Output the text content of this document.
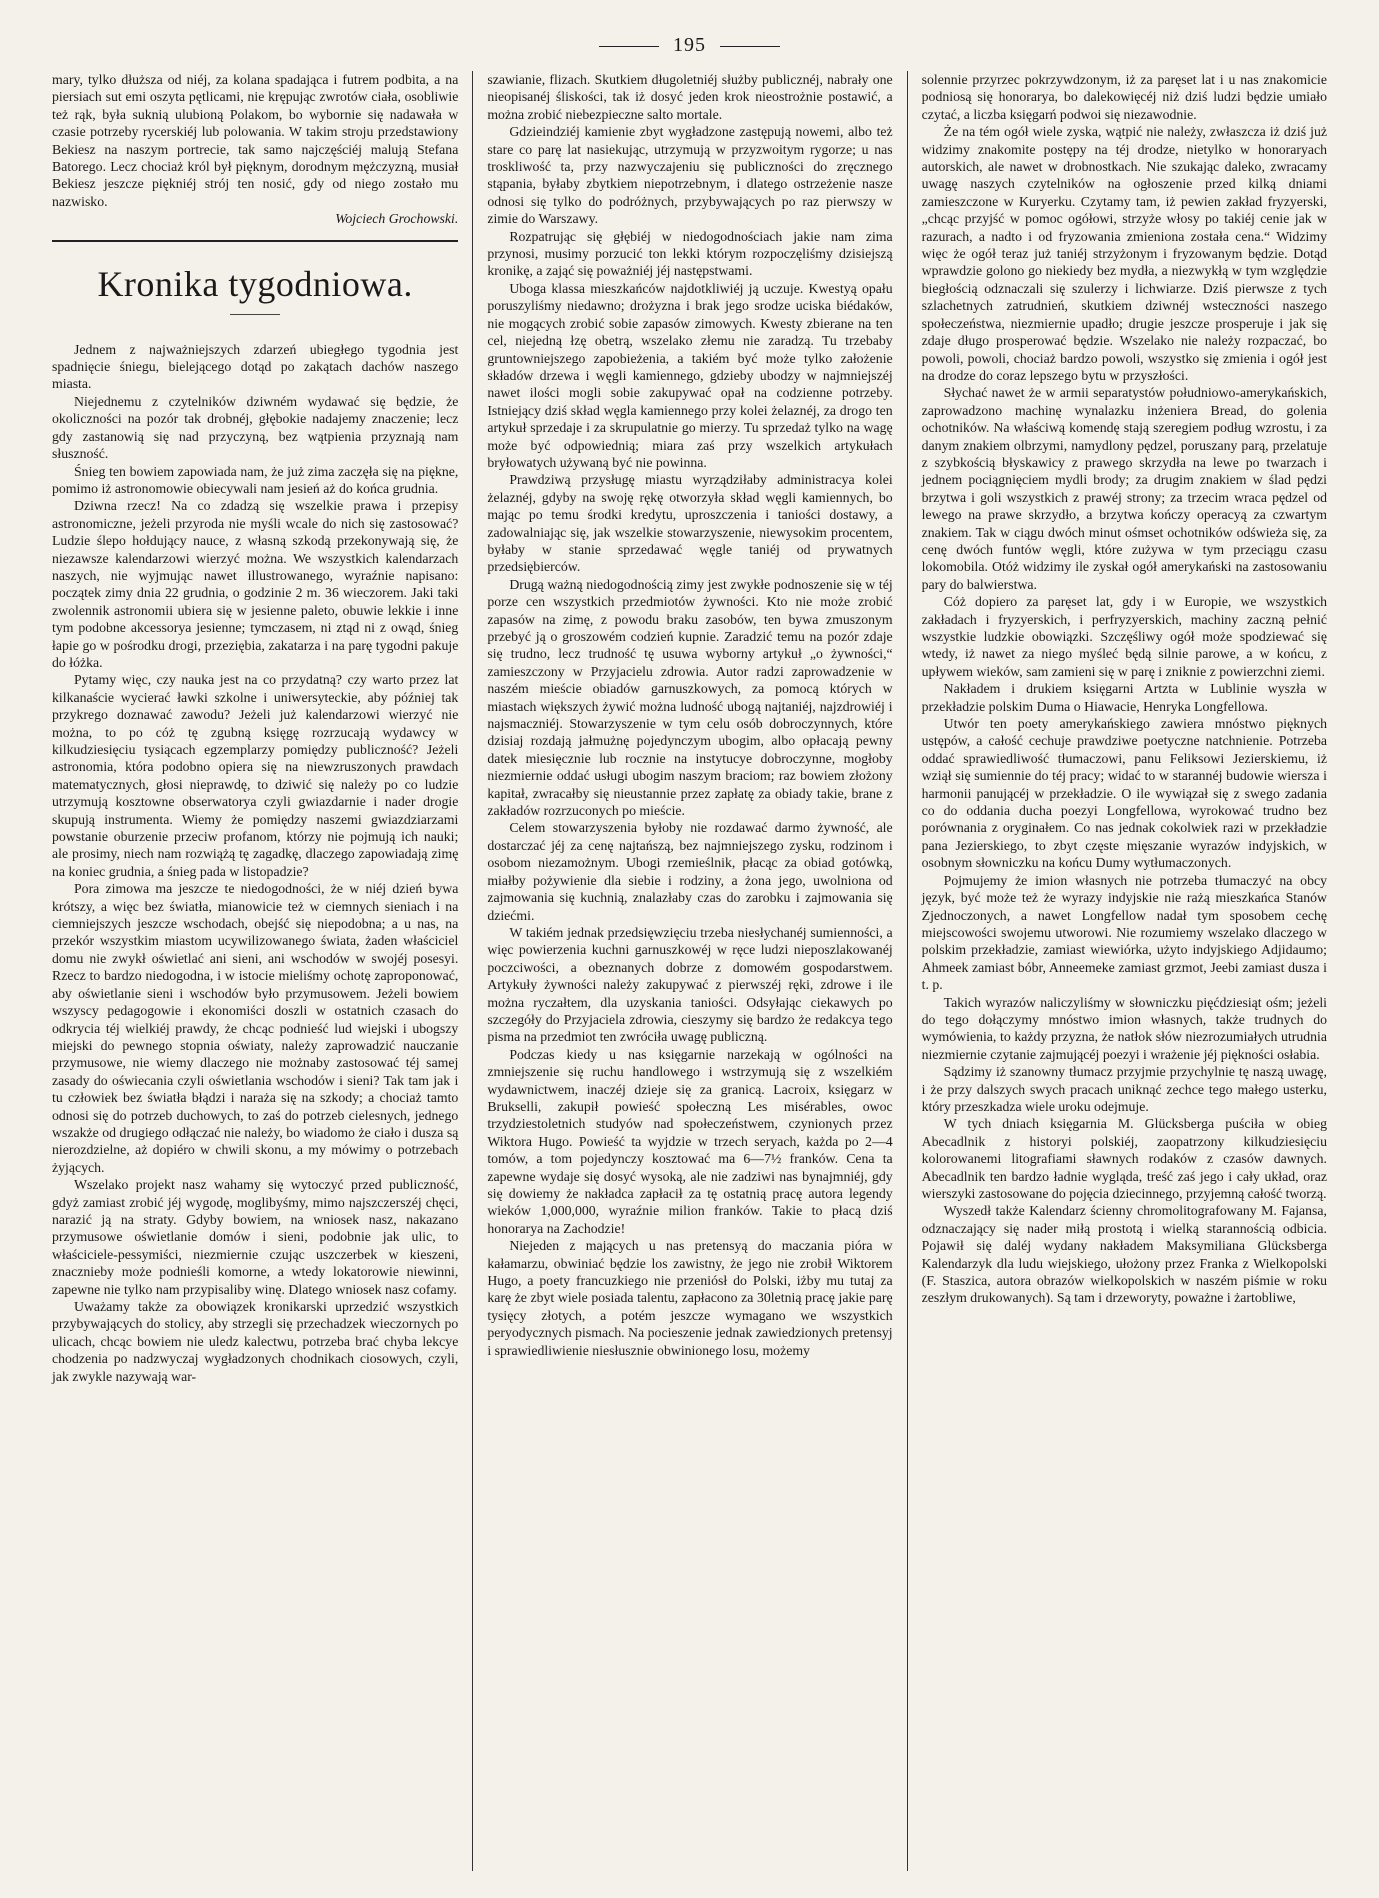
195

mary, tylko dłuższa od niéj, za kolana spadająca i futrem podbita, a na piersiach sut emi oszyta pętlicami, nie krępując zwrotów ciała, osobliwie też rąk, była suknią ulubioną Polakom, bo wybornie się nadawała w czasie potrzeby rycerskiéj lub polowania. W takim stroju przedstawiony Bekiesz na naszym portrecie, tak samo najczęściéj malują Stefana Batorego. Lecz chociaż król był pięknym, dorodnym mężczyzną, musiał Bekiesz jeszcze piękniéj strój ten nosić, gdy od niego zostało mu nazwisko.

Wojciech Grochowski.
Kronika tygodniowa.

Jednem z najważniejszych zdarzeń ubiegłego tygodnia jest spadnięcie śniegu, bielejącego dotąd po zakątach dachów naszego miasta.

Niejednemu z czytelników dziwném wydawać się będzie, że okoliczności na pozór tak drobnéj, głębokie nadajemy znaczenie; lecz gdy zastanowią się nad przyczyną, bez wątpienia przyznają nam słuszność.

Śnieg ten bowiem zapowiada nam, że już zima zaczęła się na piękne, pomimo iż astronomowie obiecywali nam jesień aż do końca grudnia.

Dziwna rzecz! Na co zdadzą się wszelkie prawa i przepisy astronomiczne, jeżeli przyroda nie myśli wcale do nich się zastosować? Ludzie ślepo hołdujący nauce, z własną szkodą przekonywają się, że niezawsze kalendarzowi wierzyć można. We wszystkich kalendarzach naszych, nie wyjmując nawet illustrowanego, wyraźnie napisano: początek zimy dnia 22 grudnia, o godzinie 2 m. 36 wieczorem. Jaki taki zwolennik astronomii ubiera się w jesienne paleto, obuwie lekkie i inne tym podobne akcessorya jesienne; tymczasem, ni ztąd ni z owąd, śnieg łapie go w pośrodku drogi, przeziębia, zakatarza i na parę tygodni pakuje do łóżka.

Pytamy więc, czy nauka jest na co przydatną? czy warto przez lat kilkanaście wycierać ławki szkolne i uniwersyteckie, aby później tak przykrego doznawać zawodu? Jeżeli już kalendarzowi wierzyć nie można, to po cóż tę zgubną księgę rozrzucają wydawcy w kilkudziesięciu tysiącach egzemplarzy pomiędzy publiczność? Jeżeli astronomia, która podobno opiera się na niewzruszonych prawdach matematycznych, głosi nieprawdę, to dziwić się należy po co ludzie utrzymują kosztowne obserwatorya czyli gwiazdarnie i nader drogie skupują instrumenta. Wiemy że pomiędzy naszemi gwiazdziarzami powstanie oburzenie przeciw profanom, którzy nie pojmują ich nauki; ale prosimy, niech nam rozwiążą tę zagadkę, dlaczego zapowiadają zimę na koniec grudnia, a śnieg pada w listopadzie?

Pora zimowa ma jeszcze te niedogodności, że w niéj dzień bywa krótszy, a więc bez światła, mianowicie też w ciemnych sieniach i na ciemniejszych jeszcze wschodach, obejść się niepodobna; a u nas, na przekór wszystkim miastom ucywilizowanego świata, żaden właściciel domu nie zwykł oświetlać ani sieni, ani wschodów w swojéj posesyi. Rzecz to bardzo niedogodna, i w istocie mieliśmy ochotę zaproponować, aby oświetlanie sieni i wschodów było przymusowem. Jeżeli bowiem wszyscy pedagogowie i ekonomiści doszli w ostatnich czasach do odkrycia téj wielkiéj prawdy, że chcąc podnieść lud wiejski i ubogszy miejski do pewnego stopnia oświaty, należy zaprowadzić nauczanie przymusowe, nie wiemy dlaczego nie możnaby zastosować téj samej zasady do oświecania czyli oświetlania wschodów i sieni? Tak tam jak i tu człowiek bez światła błądzi i naraża się na szkody; a chociaż tamto odnosi się do potrzeb duchowych, to zaś do potrzeb cielesnych, jednego wszakże od drugiego odłączać nie należy, bo wiadomo że ciało i dusza są nierozdzielne, aż dopiéro w chwili skonu, a my mówimy o potrzebach żyjących.

Wszelako projekt nasz wahamy się wytoczyć przed publiczność, gdyż zamiast zrobić jéj wygodę, moglibyśmy, mimo najszczerszéj chęci, narazić ją na straty. Gdyby bowiem, na wniosek nasz, nakazano przymusowe oświetlanie domów i sieni, podobnie jak ulic, to właściciele-pessymiści, niezmiernie czując uszczerbek w kieszeni, znacznieby może podnieśli komorne, a wtedy lokatorowie niewinni, zapewne nie tylko nam przypisaliby winę. Dlatego wniosek nasz cofamy.

Uważamy także za obowiązek kronikarski uprzedzić wszystkich przybywających do stolicy, aby strzegli się przechadzek wieczornych po ulicach, chcąc bowiem nie uledz kalectwu, potrzeba brać chyba lekcye chodzenia po nadzwyczaj wygładzonych chodnikach ciosowych, czyli, jak zwykle nazywają war-

szawianie, flizach. Skutkiem długoletniéj służby publicznéj, nabrały one nieopisanéj śliskości, tak iż dosyć jeden krok nieostrożnie postawić, a można zrobić niebezpieczne salto mortale.

Gdzieindziéj kamienie zbyt wygładzone zastępują nowemi, albo też stare co parę lat nasiekując, utrzymują w przyzwoitym rygorze; u nas troskliwość ta, przy nazwyczajeniu się publiczności do zręcznego stąpania, byłaby zbytkiem niepotrzebnym, i dlatego ostrzeżenie nasze odnosi się tylko do podróżnych, przybywających po raz pierwszy w zimie do Warszawy.

Rozpatrując się głębiéj w niedogodnościach jakie nam zima przynosi, musimy porzucić ton lekki którym rozpoczęliśmy dzisiejszą kronikę, a zająć się poważniéj jéj następstwami.

Uboga klassa mieszkańców najdotkliwiéj ją uczuje. Kwestyą opału poruszyliśmy niedawno; drożyzna i brak jego srodze uciska biédaków, nie mogących zrobić sobie zapasów zimowych. Kwesty zbierane na ten cel, niejedną łzę obetrą, wszelako złemu nie zaradzą. Tu trzebaby gruntowniejszego zapobieżenia, a takiém być może tylko założenie składów drzewa i węgli kamiennego, gdzieby ubodzy w najmniejszéj nawet ilości mogli sobie zakupywać opał na codzienne potrzeby. Istniejący dziś skład węgla kamiennego przy kolei żelaznéj, za drogo ten artykuł sprzedaje i za skrupulatnie go mierzy. Tu sprzedaż tylko na wagę może być odpowiednią; miara zaś przy wszelkich artykułach bryłowatych używaną być nie powinna.

Prawdziwą przysługę miastu wyrządziłaby administracya kolei żelaznéj, gdyby na swoję rękę otworzyła skład węgli kamiennych, bo mając po temu środki kredytu, uproszczenia i taniości dostawy, a zadowalniając się, jak wszelkie stowarzyszenie, niewysokim procentem, byłaby w stanie sprzedawać węgle taniéj od prywatnych przedsiębierców.

Drugą ważną niedogodnością zimy jest zwykłe podnoszenie się w téj porze cen wszystkich przedmiotów żywności. Kto nie może zrobić zapasów na zimę, z powodu braku zasobów, ten bywa zmuszonym przebyć ją o groszowém codzień kupnie. Zaradzić temu na pozór zdaje się trudno, lecz trudność tę usuwa wyborny artykuł „o żywności,“ zamieszczony w Przyjacielu zdrowia. Autor radzi zaprowadzenie w naszém mieście obiadów garnuszkowych, za pomocą których w miastach większych żywić można ludność ubogą najtaniéj, najzdrowiéj i najsmaczniéj. Stowarzyszenie w tym celu osób dobroczynnych, które dzisiaj rozdają jałmużnę pojedynczym ubogim, albo opłacają pewny datek miesięcznie lub rocznie na instytucye dobroczynne, mogłoby niezmiernie oddać usługi ubogim naszym braciom; raz bowiem złożony kapitał, zwracałby się nieustannie przez zapłatę za obiady takie, brane z zakładów rozrzuconych po mieście.

Celem stowarzyszenia byłoby nie rozdawać darmo żywność, ale dostarczać jéj za cenę najtańszą, bez najmniejszego zysku, rodzinom i osobom niezamożnym. Ubogi rzemieślnik, płacąc za obiad gotówką, miałby pożywienie dla siebie i rodziny, a żona jego, uwolniona od zajmowania się kuchnią, znalazłaby czas do zarobku i zajmowania się dziećmi.

W takiém jednak przedsięwzięciu trzeba niesłychanéj sumienności, a więc powierzenia kuchni garnuszkowéj w ręce ludzi nieposzlakowanéj poczciwości, a obeznanych dobrze z domowém gospodarstwem. Artykuły żywności należy zakupywać z pierwszéj ręki, zdrowe i ile można ryczałtem, dla uzyskania taniości. Odsyłając ciekawych po szczegóły do Przyjaciela zdrowia, cieszymy się bardzo że redakcya tego pisma na przedmiot ten zwróciła uwagę publiczną.

Podczas kiedy u nas księgarnie narzekają w ogólności na zmniejszenie się ruchu handlowego i wstrzymują się z wszelkiém wydawnictwem, inaczéj dzieje się za granicą. Lacroix, księgarz w Brukselli, zakupił powieść społeczną Les misérables, owoc trzydziestoletnich studyów nad społeczeństwem, czynionych przez Wiktora Hugo. Powieść ta wyjdzie w trzech seryach, każda po 2—4 tomów, a tom pojedynczy kosztować ma 6—7½ franków. Cena ta zapewne wydaje się dosyć wysoką, ale nie zadziwi nas bynajmniéj, gdy się dowiemy że nakładca zapłacił za tę ostatnią pracę autora legendy wieków 1,000,000, wyraźnie milion franków. Takie to płacą dziś honorarya na Zachodzie!

Niejeden z mających u nas pretensyą do maczania pióra w kałamarzu, obwiniać będzie los zawistny, że jego nie zrobił Wiktorem Hugo, a poety francuzkiego nie przeniósł do Polski, iżby mu tutaj za karę że zbyt wiele posiada talentu, zapłacono za 30letnią pracę jakie parę tysięcy złotych, a potém jeszcze wymagano we wszystkich peryodycznych pismach. Na pocieszenie jednak zawiedzionych pretensyj i sprawiedliwienie niesłusznie obwinionego losu, możemy

solennie przyrzec pokrzywdzonym, iż za paręset lat i u nas znakomicie podniosą się honorarya, bo dalekowięcéj niż dziś ludzi będzie umiało czytać, a liczba księgarń podwoi się niezawodnie.

Że na tém ogół wiele zyska, wątpić nie należy, zwłaszcza iż dziś już widzimy znakomite postępy na téj drodze, nietylko w honoraryach autorskich, ale nawet w drobnostkach. Nie szukając daleko, zwracamy uwagę naszych czytelników na ogłoszenie przed kilką dniami zamieszczone w Kuryerku. Czytamy tam, iż pewien zakład fryzyerski, „chcąc przyjść w pomoc ogółowi, strzyże włosy po takiéj cenie jak w razurach, a nadto i od fryzowania zmieniona została cena.“ Widzimy więc że ogół teraz już taniéj strzyżonym i fryzowanym będzie. Dotąd wprawdzie golono go niekiedy bez mydła, a niezwykłą w tym względzie biegłością odznaczali się szulerzy i lichwiarze. Dziś pierwsze z tych szlachetnych zatrudnień, skutkiem dziwnéj wsteczności naszego społeczeństwa, niezmiernie upadło; drugie jeszcze prosperuje i jak się zdaje długo prosperować będzie. Wszelako nie należy rozpaczać, bo powoli, powoli, chociaż bardzo powoli, wszystko się zmienia i ogół jest na drodze do coraz lepszego bytu w przyszłości.

Słychać nawet że w armii separatystów południowo-amerykańskich, zaprowadzono machinę wynalazku inżeniera Bread, do golenia ochotników. Na właściwą komendę stają szeregiem podług wzrostu, i za danym znakiem olbrzymi, namydlony pędzel, poruszany parą, przelatuje z szybkością błyskawicy z prawego skrzydła na lewe po twarzach i jednem pociągnięciem mydli brody; za drugim znakiem w ślad pędzi brzytwa i goli wszystkich z prawéj strony; za trzecim wraca pędzel od lewego na prawe skrzydło, a brzytwa kończy operacyą za czwartym znakiem. Tak w ciągu dwóch minut ośmset ochotników odświeża się, za cenę dwóch funtów węgli, które zużywa w tym przeciągu czasu lokomobila. Otóż widzimy ile zyskał ogół amerykański na zastosowaniu pary do balwierstwa.

Cóż dopiero za paręset lat, gdy i w Europie, we wszystkich zakładach i fryzyerskich, i perfryzyerskich, machiny zaczną pełnić wszystkie ludzkie obowiązki. Szczęśliwy ogół może spodziewać się wtedy, iż nawet za niego myśleć będą silnie parowe, a w końcu, z upływem wieków, sam zamieni się w parę i zniknie z powierzchni ziemi.

Nakładem i drukiem księgarni Artzta w Lublinie wyszła w przekładzie polskim Duma o Hiawacie, Henryka Longfellowa.

Utwór ten poety amerykańskiego zawiera mnóstwo pięknych ustępów, a całość cechuje prawdziwe poetyczne natchnienie. Potrzeba oddać sprawiedliwość tłumaczowi, panu Feliksowi Jezierskiemu, iż wziął się sumiennie do téj pracy; widać to w starannéj budowie wiersza i harmonii panującéj w przekładzie. O ile wywiązał się z swego zadania co do oddania ducha poezyi Longfellowa, wyrokować trudno bez porównania z oryginałem. Co nas jednak cokolwiek razi w przekładzie pana Jezierskiego, to zbyt częste mięszanie wyrazów indyjskich, w osobnym słowniczku na końcu Dumy wytłumaczonych.

Pojmujemy że imion własnych nie potrzeba tłumaczyć na obcy język, być może też że wyrazy indyjskie nie rażą mieszkańca Stanów Zjednoczonych, a nawet Longfellow nadał tym sposobem cechę miejscowości swojemu utworowi. Nie rozumiemy wszelako dlaczego w polskim przekładzie, zamiast wiewiórka, użyto indyjskiego Adjidaumo; Ahmeek zamiast bóbr, Anneemeke zamiast grzmot, Jeebi zamiast dusza i t. p.

Takich wyrazów naliczyliśmy w słowniczku pięćdziesiąt ośm; jeżeli do tego dołączymy mnóstwo imion własnych, także trudnych do wymówienia, to każdy przyzna, że natłok słów niezrozumiałych utrudnia niezmiernie czytanie zajmującéj poezyi i wrażenie jéj piękności osłabia.

Sądzimy iż szanowny tłumacz przyjmie przychylnie tę naszą uwagę, i że przy dalszych swych pracach uniknąć zechce tego małego usterku, który przeszkadza wiele uroku odejmuje.

W tych dniach księgarnia M. Glücksberga puściła w obieg Abecadlnik z historyi polskiéj, zaopatrzony kilkudziesięciu kolorowanemi litografiami sławnych rodaków z czasów dawnych. Abecadlnik ten bardzo ładnie wygląda, treść zaś jego i cały układ, oraz wierszyki zastosowane do pojęcia dziecinnego, przyjemną całość tworzą.

Wyszedł także Kalendarz ścienny chromolitografowany M. Fajansa, odznaczający się nader miłą prostotą i wielką starannością odbicia. Pojawił się daléj wydany nakładem Maksymiliana Glücksberga Kalendarzyk dla ludu wiejskiego, ułożony przez Franka z Wielkopolski (F. Staszica, autora obrazów wielkopolskich w naszém piśmie w roku zeszłym drukowanych). Są tam i drzeworyty, poważne i żartobliwe,
